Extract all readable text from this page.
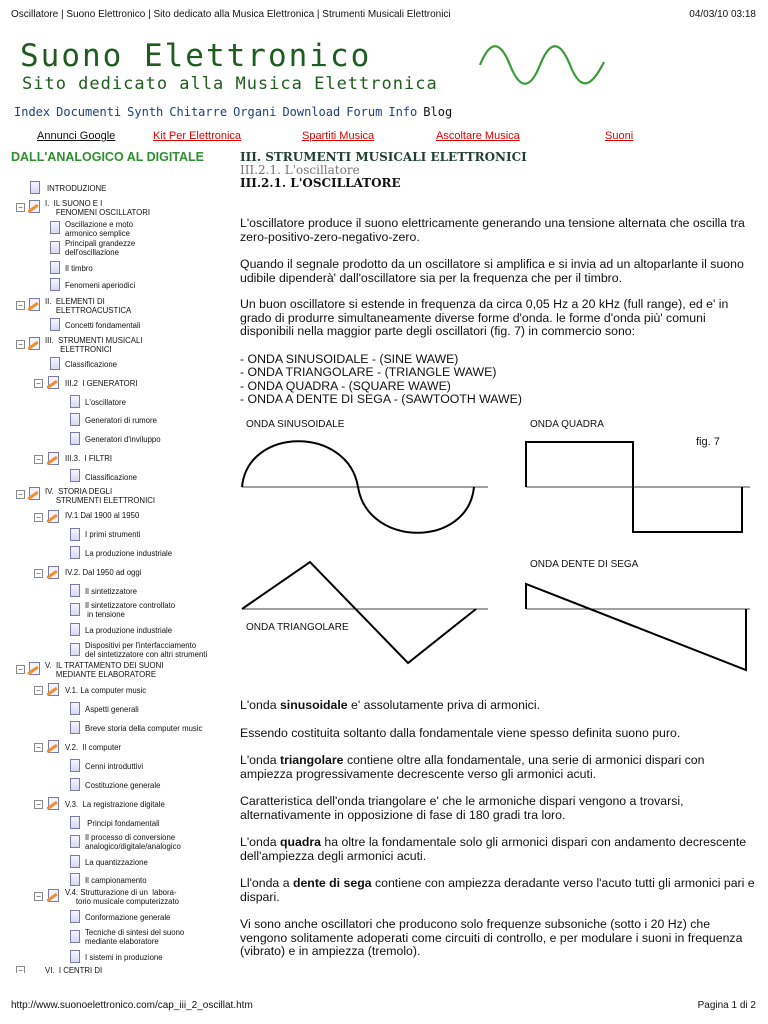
Oscillatore | Suono Elettronico | Sito dedicato alla Musica Elettronica | Strumenti Musicali Elettronici	04/03/10 03:18
Suono Elettronico
Sito dedicato alla Musica Elettronica
Index Documenti Synth Chitarre Organi Download Forum Info Blog
Annunci Google	Kit Per Elettronica	Spartiti Musica	Ascoltare Musica	Suoni
DALL'ANALOGICO AL DIGITALE
INTRODUZIONE
−	I.  IL SUONO E I
FENOMENI OSCILLATORI
Oscillazione e moto
armonico semplice
Principali grandezze
dell'oscillazione
Il timbro
Fenomeni aperiodici
−	II.  ELEMENTI DI
ELETTROACUSTICA
Concetti fondamentali
−	III.  STRUMENTI MUSICALI
ELETTRONICI
Classificazione
−	III.2  I GENERATORI
L'oscillatore
Generatori di rumore
Generatori d'inviluppo
−	III.3.  I FILTRI
Classificazione
−	IV.  STORIA DEGLI
STRUMENTI ELETTRONICI
−	IV.1 Dal 1900 al 1950
I primi strumenti
La produzione industriale
−	IV.2. Dal 1950 ad oggi
Il sintetizzatore
Il sintetizzatore controllato
in tensione
La produzione industriale
Dispositivi per l'interfacciamento
del sintetizzatore con altri strumenti
−	V.  IL TRATTAMENTO DEI SUONI
MEDIANTE ELABORATORE
−	V.1. La computer music
Aspetti generali
Breve storia della computer music
−	V.2.  Il computer
Cenni introduttivi
Costituzione generale
−	V.3.  La registrazione digitale
Principi fondamentali
Il processo di conversione
analogico/digitale/analogico
La quantizzazione
Il campionamento
−	V.4. Strutturazione di un  labora-
torio musicale computerizzato
Conformazione generale
Tecniche di sintesi del suono
mediante elaboratore
I sistemi in produzione
−	VI.  I CENTRI DI
III. STRUMENTI MUSICALI ELETTRONICI
III.2.1. L'oscillatore
III.2.1. L'OSCILLATORE
L'oscillatore produce il suono elettricamente generando una tensione alternata che oscilla tra zero-positivo-zero-negativo-zero.
Quando il segnale prodotto da un oscillatore si amplifica e si invia ad un altoparlante il suono udibile dipenderà' dall'oscillatore sia per la frequenza che per il timbro.
Un buon oscillatore si estende in frequenza da circa 0,05 Hz a 20 kHz (full range), ed e' in grado di produrre simultaneamente diverse forme d'onda. le forme d'onda più' comuni disponibili nella maggior parte degli oscillatori (fig. 7) in commercio sono:
- ONDA SINUSOIDALE - (SINE WAWE)
- ONDA TRIANGOLARE - (TRIANGLE WAWE)
- ONDA QUADRA - (SQUARE WAWE)
- ONDA A DENTE DI SEGA - (SAWTOOTH WAWE)
ONDA SINUSOIDALE	ONDA QUADRA
fig. 7
ONDA DENTE DI SEGA
ONDA TRIANGOLARE
L'onda sinusoidale e' assolutamente priva di armonici.
Essendo costituita soltanto dalla fondamentale viene spesso definita suono puro.
L'onda triangolare contiene oltre alla fondamentale, una serie di armonici dispari con ampiezza progressivamente decrescente verso gli armonici acuti.
Caratteristica dell'onda triangolare e' che le armoniche dispari vengono a trovarsi, alternativamente in opposizione di fase di 180 gradi tra loro.
L'onda quadra ha oltre la fondamentale solo gli armonici dispari con andamento decrescente dell'ampiezza degli armonici acuti.
Ll'onda a dente di sega contiene con ampiezza deradante verso l'acuto tutti gli armonici pari e dispari.
Vi sono anche oscillatori che producono solo frequenze subsoniche (sotto i 20 Hz) che vengono solitamente adoperati come circuiti di controllo, e per modulare i suoni in frequenza (vibrato) e in ampiezza (tremolo).
http://www.suonoelettronico.com/cap_iii_2_oscillat.htm	Pagina 1 di 2
